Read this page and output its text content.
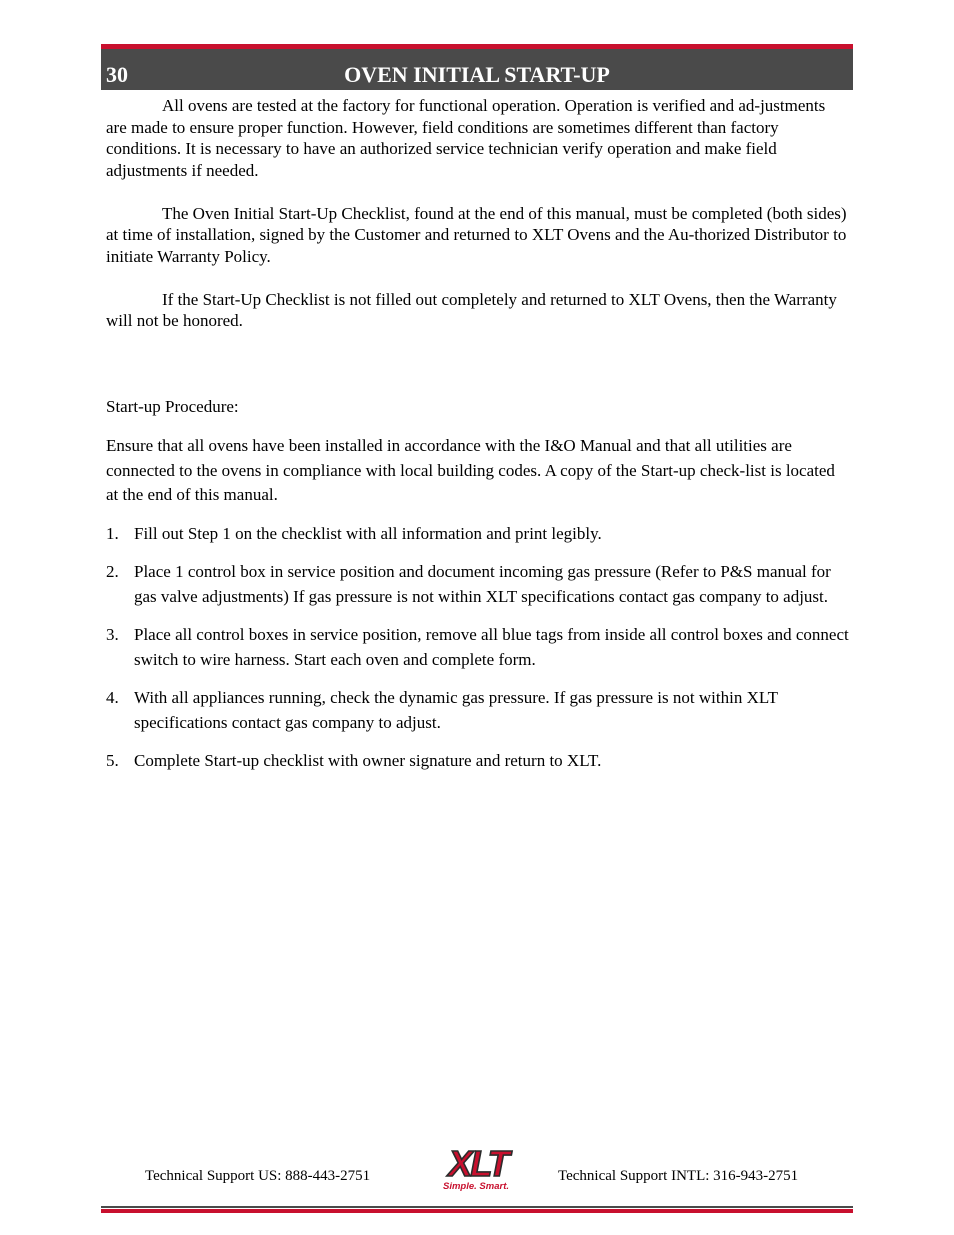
30	OVEN INITIAL START-UP

All ovens are tested at the factory for functional operation. Operation is verified and ad-justments are made to ensure proper function. However, field conditions are sometimes different than factory conditions. It is necessary to have an authorized service technician verify operation and make field adjustments if needed.

The Oven Initial Start-Up Checklist, found at the end of this manual, must be completed (both sides) at time of installation, signed by the Customer and returned to XLT Ovens and the Au-thorized Distributor to initiate Warranty Policy.

If the Start-Up Checklist is not filled out completely and returned to XLT Ovens, then the Warranty will not be honored.

Start-up Procedure:

Ensure that all ovens have been installed in accordance with the I&O Manual and that all utilities are connected to the ovens in compliance with local building codes. A copy of the Start-up check-list is located at the end of this manual.

1. Fill out Step 1 on the checklist with all information and print legibly.
2. Place 1 control box in service position and document incoming gas pressure (Refer to P&S manual for gas valve adjustments) If gas pressure is not within XLT specifications contact gas company to adjust.
3. Place all control boxes in service position, remove all blue tags from inside all control boxes and connect switch to wire harness. Start each oven and complete form.
4. With all appliances running, check the dynamic gas pressure. If gas pressure is not within XLT specifications contact gas company to adjust.
5. Complete Start-up checklist with owner signature and return to XLT.
Technical Support US: 888-443-2751 XLT
Simple. Smart.
Technical Support INTL: 316-943-2751
